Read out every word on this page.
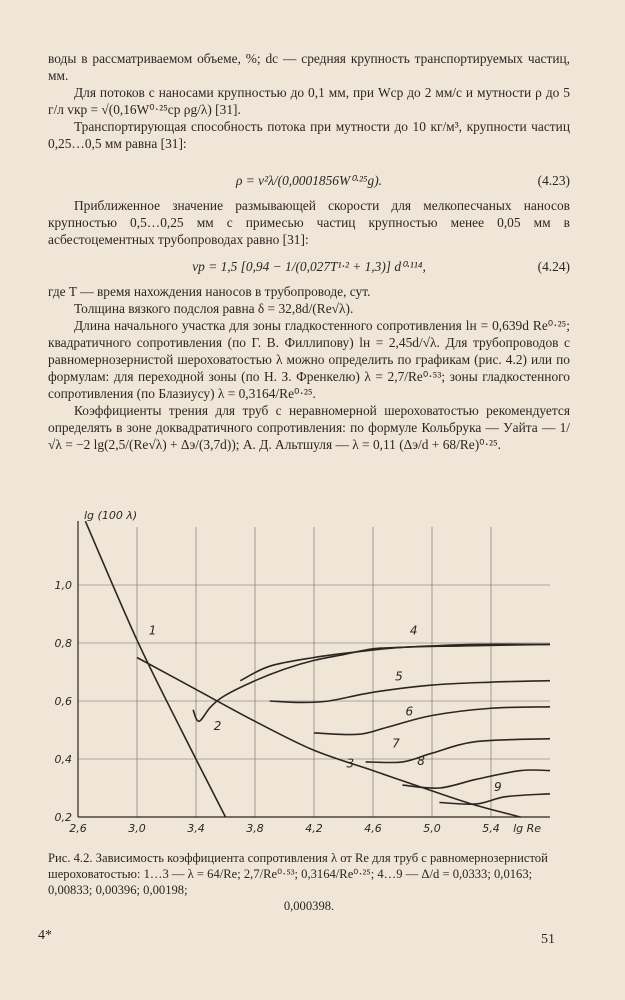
воды в рассматриваемом объеме, %; dс — средняя крупность транспортируемых частиц, мм.

Для потоков с наносами крупностью до 0,1 мм, при Wср до 2 мм/с и мутности ρ до 5 г/л vкр = √(0,16W⁰·²⁵ср ρg/λ) [31].

Транспортирующая способность потока при мутности до 10 кг/м³, крупности частиц 0,25…0,5 мм равна [31]:

ρ = v²λ/(0,0001856W⁰·²⁵g).	(4.23)

Приближенное значение размывающей скорости для мелкопесчаных наносов крупностью 0,5…0,25 мм с примесью частиц крупностью менее 0,05 мм в асбестоцементных трубопроводах равно [31]:

vр = 1,5 [0,94 − 1/(0,027T¹·² + 1,3)] d⁰·¹¹⁴,	(4.24)

где T — время нахождения наносов в трубопроводе, сут.

Толщина вязкого подслоя равна δ = 32,8d/(Re√λ).

Длина начального участка для зоны гладкостенного сопротивления lн = 0,639d Re⁰·²⁵; квадратичного сопротивления (по Г. В. Филлипову) lн = 2,45d/√λ. Для трубопроводов с равномернозернистой шероховатостью λ можно определить по графикам (рис. 4.2) или по формулам: для переходной зоны (по Н. З. Френкелю) λ = 2,7/Re⁰·⁵³; зоны гладкостенного сопротивления (по Блазиусу) λ = 0,3164/Re⁰·²⁵.

Коэффициенты трения для труб с неравномерной шероховатостью рекомендуется определять в зоне доквадратичного сопротивления: по формуле Кольбрука — Уайта — 1/√λ = −2 lg(2,5/(Re√λ) + Δэ/(3,7d)); А. Д. Альтшуля — λ = 0,11 (Δэ/d + 68/Re)⁰·²⁵.

2,6	3,0	3,4	3,8	4,2	4,6	5,0	5,4
0,2
0,4
0,6
0,8
1,0
lg (100 λ)
lg Re
1
2
3
4
5
6
7
8
9
Рис. 4.2. Зависимость коэффициента сопротивления λ от Re для труб с равномернозернистой шероховатостью: 1…3 — λ = 64/Re; 2,7/Re⁰·⁵³; 0,3164/Re⁰·²⁵; 4…9 — Δ/d = 0,0333; 0,0163; 0,00833; 0,00396; 0,00198;
0,000398.
4*	51
